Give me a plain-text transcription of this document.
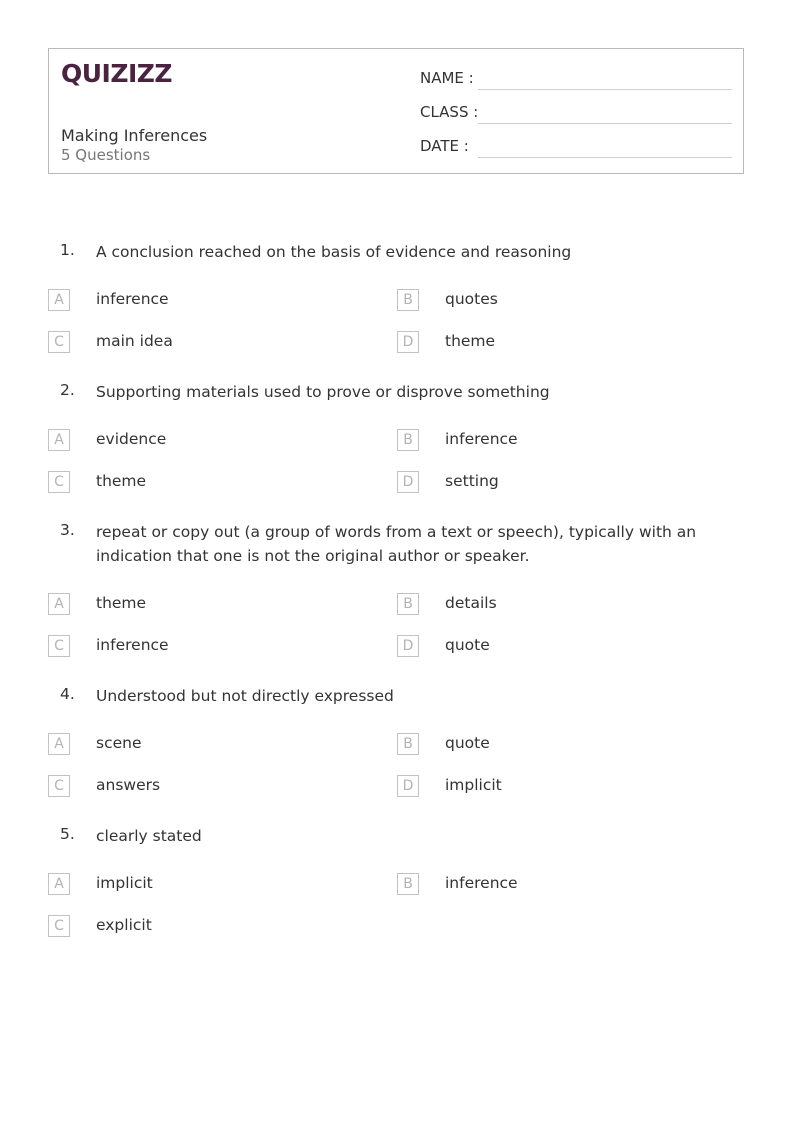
QUIZIZZ
Making Inferences
5 Questions
NAME :
CLASS :
DATE :
1. A conclusion reached on the basis of evidence and reasoning
A	inference	B	quotes
C	main idea	D	theme
2. Supporting materials used to prove or disprove something
A	evidence	B	inference
C	theme	D	setting
3. repeat or copy out (a group of words from a text or speech), typically with an indication that one is not the original author or speaker.
A	theme	B	details
C	inference	D	quote
4. Understood but not directly expressed
A	scene	B	quote
C	answers	D	implicit
5. clearly stated
A	implicit	B	inference
C	explicit
